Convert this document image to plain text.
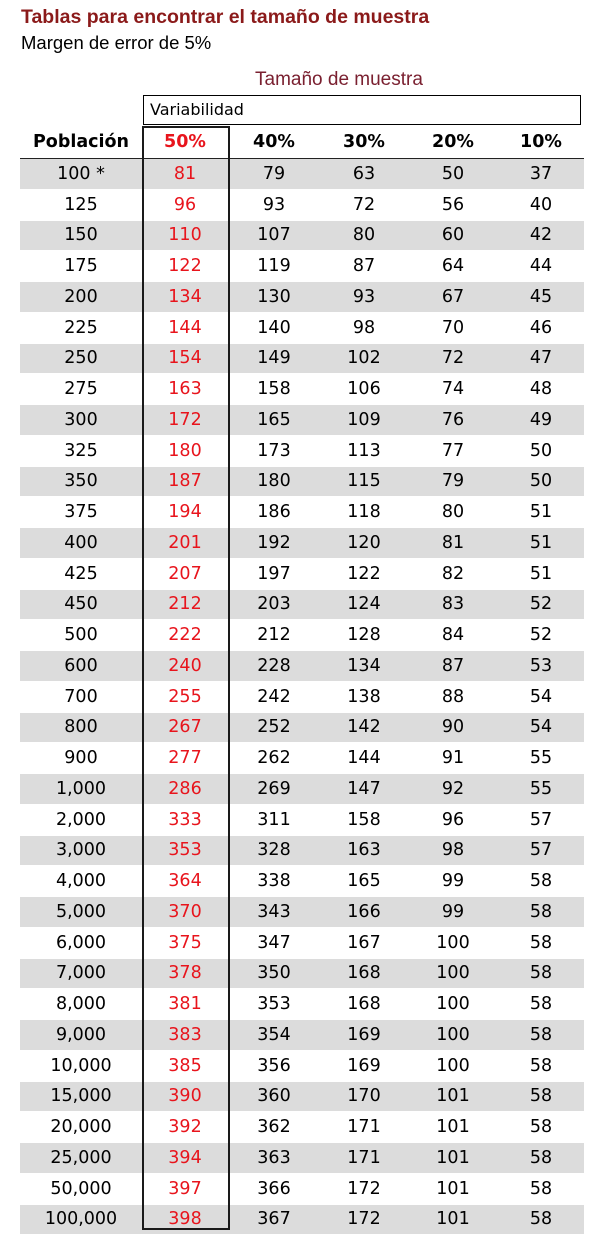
Tablas para encontrar el tamaño de muestra
Margen de error de 5%
Tamaño de muestra
Variabilidad
Población	50%	40%	30%	20%	10%
100 *	81	79	63	50	37
125	96	93	72	56	40
150	110	107	80	60	42
175	122	119	87	64	44
200	134	130	93	67	45
225	144	140	98	70	46
250	154	149	102	72	47
275	163	158	106	74	48
300	172	165	109	76	49
325	180	173	113	77	50
350	187	180	115	79	50
375	194	186	118	80	51
400	201	192	120	81	51
425	207	197	122	82	51
450	212	203	124	83	52
500	222	212	128	84	52
600	240	228	134	87	53
700	255	242	138	88	54
800	267	252	142	90	54
900	277	262	144	91	55
1,000	286	269	147	92	55
2,000	333	311	158	96	57
3,000	353	328	163	98	57
4,000	364	338	165	99	58
5,000	370	343	166	99	58
6,000	375	347	167	100	58
7,000	378	350	168	100	58
8,000	381	353	168	100	58
9,000	383	354	169	100	58
10,000	385	356	169	100	58
15,000	390	360	170	101	58
20,000	392	362	171	101	58
25,000	394	363	171	101	58
50,000	397	366	172	101	58
100,000	398	367	172	101	58
